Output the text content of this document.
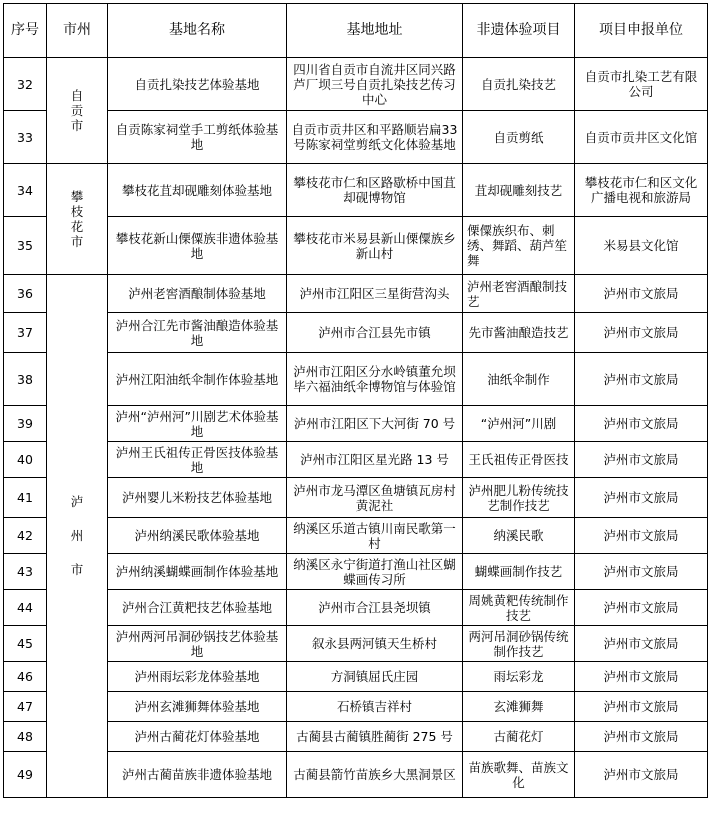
序号	市州	基地名称	基地地址	非遗体验项目	项目申报单位
32	自贡市	自贡扎染技艺体验基地	四川省自贡市自流井区同兴路芦厂坝三号自贡扎染技艺传习中心	自贡扎染技艺	自贡市扎染工艺有限公司
33		自贡陈家祠堂手工剪纸体验基地	自贡市贡井区和平路顺岩扁33号陈家祠堂剪纸文化体验基地	自贡剪纸	自贡市贡井区文化馆
34	攀枝花市	攀枝花苴却砚雕刻体验基地	攀枝花市仁和区路歇桥中国苴却砚博物馆	苴却砚雕刻技艺	攀枝花市仁和区文化广播电视和旅游局
35		攀枝花新山傈僳族非遗体验基地	攀枝花市米易县新山傈僳族乡新山村	傈僳族织布、刺绣、舞蹈、葫芦笙舞	米易县文化馆
36	泸州市	泸州老窖酒酿制体验基地	泸州市江阳区三星街营沟头	泸州老窖酒酿制技艺	泸州市文旅局
37		泸州合江先市酱油酿造体验基地	泸州市合江县先市镇	先市酱油酿造技艺	泸州市文旅局
38		泸州江阳油纸伞制作体验基地	泸州市江阳区分水岭镇董允坝毕六福油纸伞博物馆与体验馆	油纸伞制作	泸州市文旅局
39		泸州“泸州河”川剧艺术体验基地	泸州市江阳区下大河街 70 号	“泸州河”川剧	泸州市文旅局
40		泸州王氏祖传正骨医技体验基地	泸州市江阳区星光路 13 号	王氏祖传正骨医技	泸州市文旅局
41		泸州婴儿米粉技艺体验基地	泸州市龙马潭区鱼塘镇瓦房村黄泥社	泸州肥儿粉传统技艺制作技艺	泸州市文旅局
42		泸州纳溪民歌体验基地	纳溪区乐道古镇川南民歌第一村	纳溪民歌	泸州市文旅局
43		泸州纳溪蝴蝶画制作体验基地	纳溪区永宁街道打渔山社区蝴蝶画传习所	蝴蝶画制作技艺	泸州市文旅局
44		泸州合江黄粑技艺体验基地	泸州市合江县尧坝镇	周姚黄粑传统制作技艺	泸州市文旅局
45		泸州两河吊洞砂锅技艺体验基地	叙永县两河镇天生桥村	两河吊洞砂锅传统制作技艺	泸州市文旅局
46		泸州雨坛彩龙体验基地	方洞镇屈氏庄园	雨坛彩龙	泸州市文旅局
47		泸州玄滩狮舞体验基地	石桥镇吉祥村	玄滩狮舞	泸州市文旅局
48		泸州古蔺花灯体验基地	古蔺县古蔺镇胜蔺街 275 号	古蔺花灯	泸州市文旅局
49		泸州古蔺苗族非遗体验基地	古蔺县箭竹苗族乡大黑洞景区	苗族歌舞、苗族文化	泸州市文旅局
